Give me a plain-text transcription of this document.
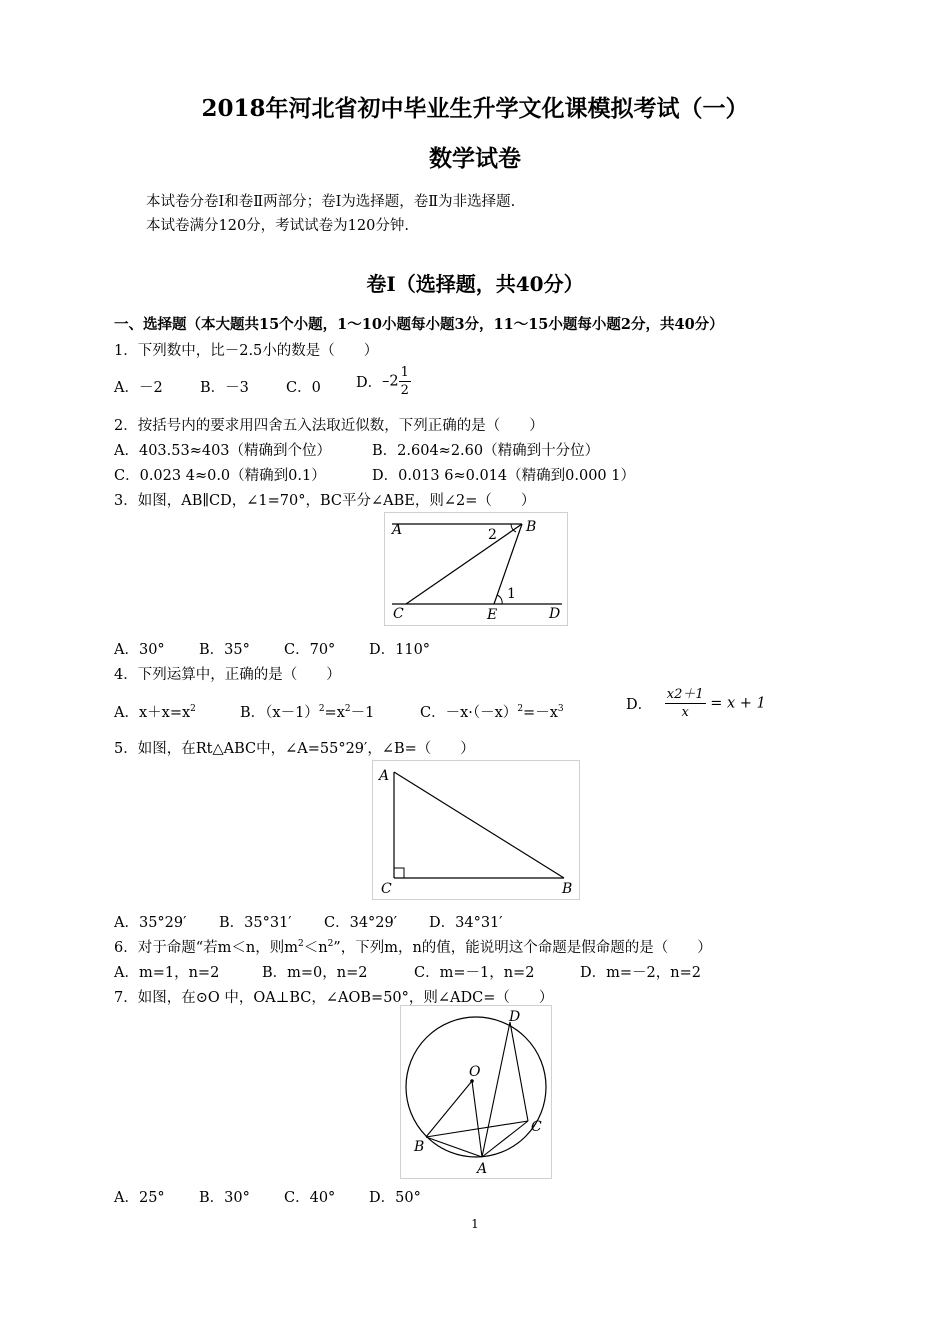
2018年河北省初中毕业生升学文化课模拟考试（一）
数学试卷
本试卷分卷Ⅰ和卷Ⅱ两部分；卷Ⅰ为选择题，卷Ⅱ为非选择题.
本试卷满分120分，考试试卷为120分钟.
卷Ⅰ（选择题，共40分）
一、选择题（本大题共15个小题，1～10小题每小题3分，11～15小题每小题2分，共40分）
1．下列数中，比－2.5小的数是（　　）
A．－2	B．－3	C．0 D．$-2 \frac{1}{2}$
2．按括号内的要求用四舍五入法取近似数，下列正确的是（　　）
A．403.53≈403（精确到个位）	B．2.604≈2.60（精确到十分位）
C．0.023 4≈0.0（精确到0.1）	D．0.013 6≈0.014（精确到0.000 1）
3．如图，AB∥CD，∠1=70°，BC平分∠ABE，则∠2=（　　）
A	B
C	D
E
1
2
A．30° B．35° C．70° D．110°
4．下列运算中，正确的是（　　）
A．$x+x=x^2$	B．$(x-1)^2=x^2-1$	C．$-x\cdot(-x)^2=-x^3$	D． $\frac{x2+1}{x} = x + 1$
5．如图，在Rt△ABC中，∠A=55°29′，∠B=（　　）
A
C	B
A．35°29′ B．35°31′ C．34°29′ D．34°31′
6．对于命题“若m＜n，则$m^2<n^2$”，下列m，n的值，能说明这个命题是假命题的是（　　）
A．m=1，n=2	B．m=0，n=2	C．m=－1，n=2	D．m=－2，n=2
7．如图，在⊙O 中，OA⊥BC，∠AOB=50°，则∠ADC=（　　）
O
D
B
C
A
A．25° B．30° C．40° D．50°
1
